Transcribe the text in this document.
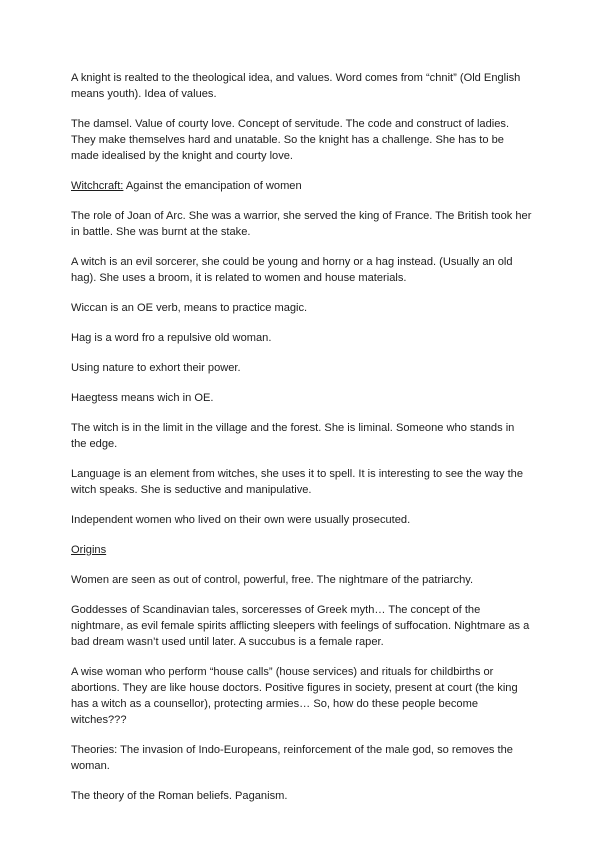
A knight is realted to the theological idea, and values. Word comes from “chnit” (Old English means youth). Idea of values.

The damsel. Value of courty love. Concept of servitude. The code and construct of ladies. They make themselves hard and unatable. So the knight has a challenge. She has to be made idealised by the knight and courty love.

Witchcraft: Against the emancipation of women

The role of Joan of Arc. She was a warrior, she served the king of France. The British took her in battle. She was burnt at the stake.

A witch is an evil sorcerer, she could be young and horny or a hag instead. (Usually an old hag). She uses a broom, it is related to women and house materials.

Wiccan is an OE verb, means to practice magic.

Hag is a word fro a repulsive old woman.

Using nature to exhort their power.

Haegtess means wich in OE.

The witch is in the limit in the village and the forest. She is liminal. Someone who stands in the edge.

Language is an element from witches, she uses it to spell. It is interesting to see the way the witch speaks. She is seductive and manipulative.

Independent women who lived on their own were usually prosecuted.

Origins

Women are seen as out of control, powerful, free. The nightmare of the patriarchy.

Goddesses of Scandinavian tales, sorceresses of Greek myth… The concept of the nightmare, as evil female spirits afflicting sleepers with feelings of suffocation. Nightmare as a bad dream wasn’t used until later. A succubus is a female raper.

A wise woman who perform “house calls” (house services) and rituals for childbirths or abortions. They are like house doctors. Positive figures in society, present at court (the king has a witch as a counsellor), protecting armies… So, how do these people become witches???

Theories: The invasion of Indo-Europeans, reinforcement of the male god, so removes the woman.

The theory of the Roman beliefs. Paganism.
